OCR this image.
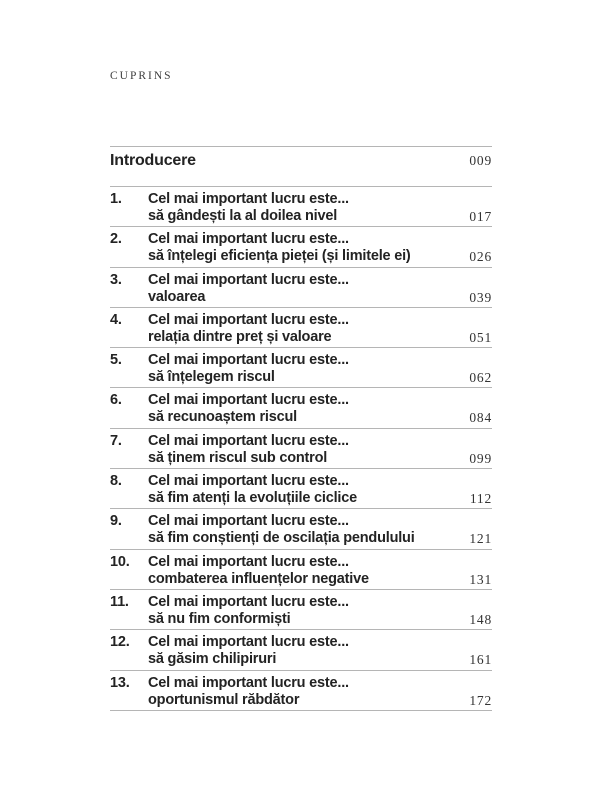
CUPRINS
Introducere	009
1.	Cel mai important lucru este...
să gândești la al doilea nivel	017
2.	Cel mai important lucru este...
să înțelegi eficiența pieței (și limitele ei)	026
3.	Cel mai important lucru este...
valoarea	039
4.	Cel mai important lucru este...
relația dintre preț și valoare	051
5.	Cel mai important lucru este...
să înțelegem riscul	062
6.	Cel mai important lucru este...
să recunoaștem riscul	084
7.	Cel mai important lucru este...
să ținem riscul sub control	099
8.	Cel mai important lucru este...
să fim atenți la evoluțiile ciclice	112
9.	Cel mai important lucru este...
să fim conștienți de oscilația pendulului	121
10.	Cel mai important lucru este...
combaterea influențelor negative	131
11.	Cel mai important lucru este...
să nu fim conformiști	148
12.	Cel mai important lucru este...
să găsim chilipiruri	161
13.	Cel mai important lucru este...
oportunismul răbdător	172
